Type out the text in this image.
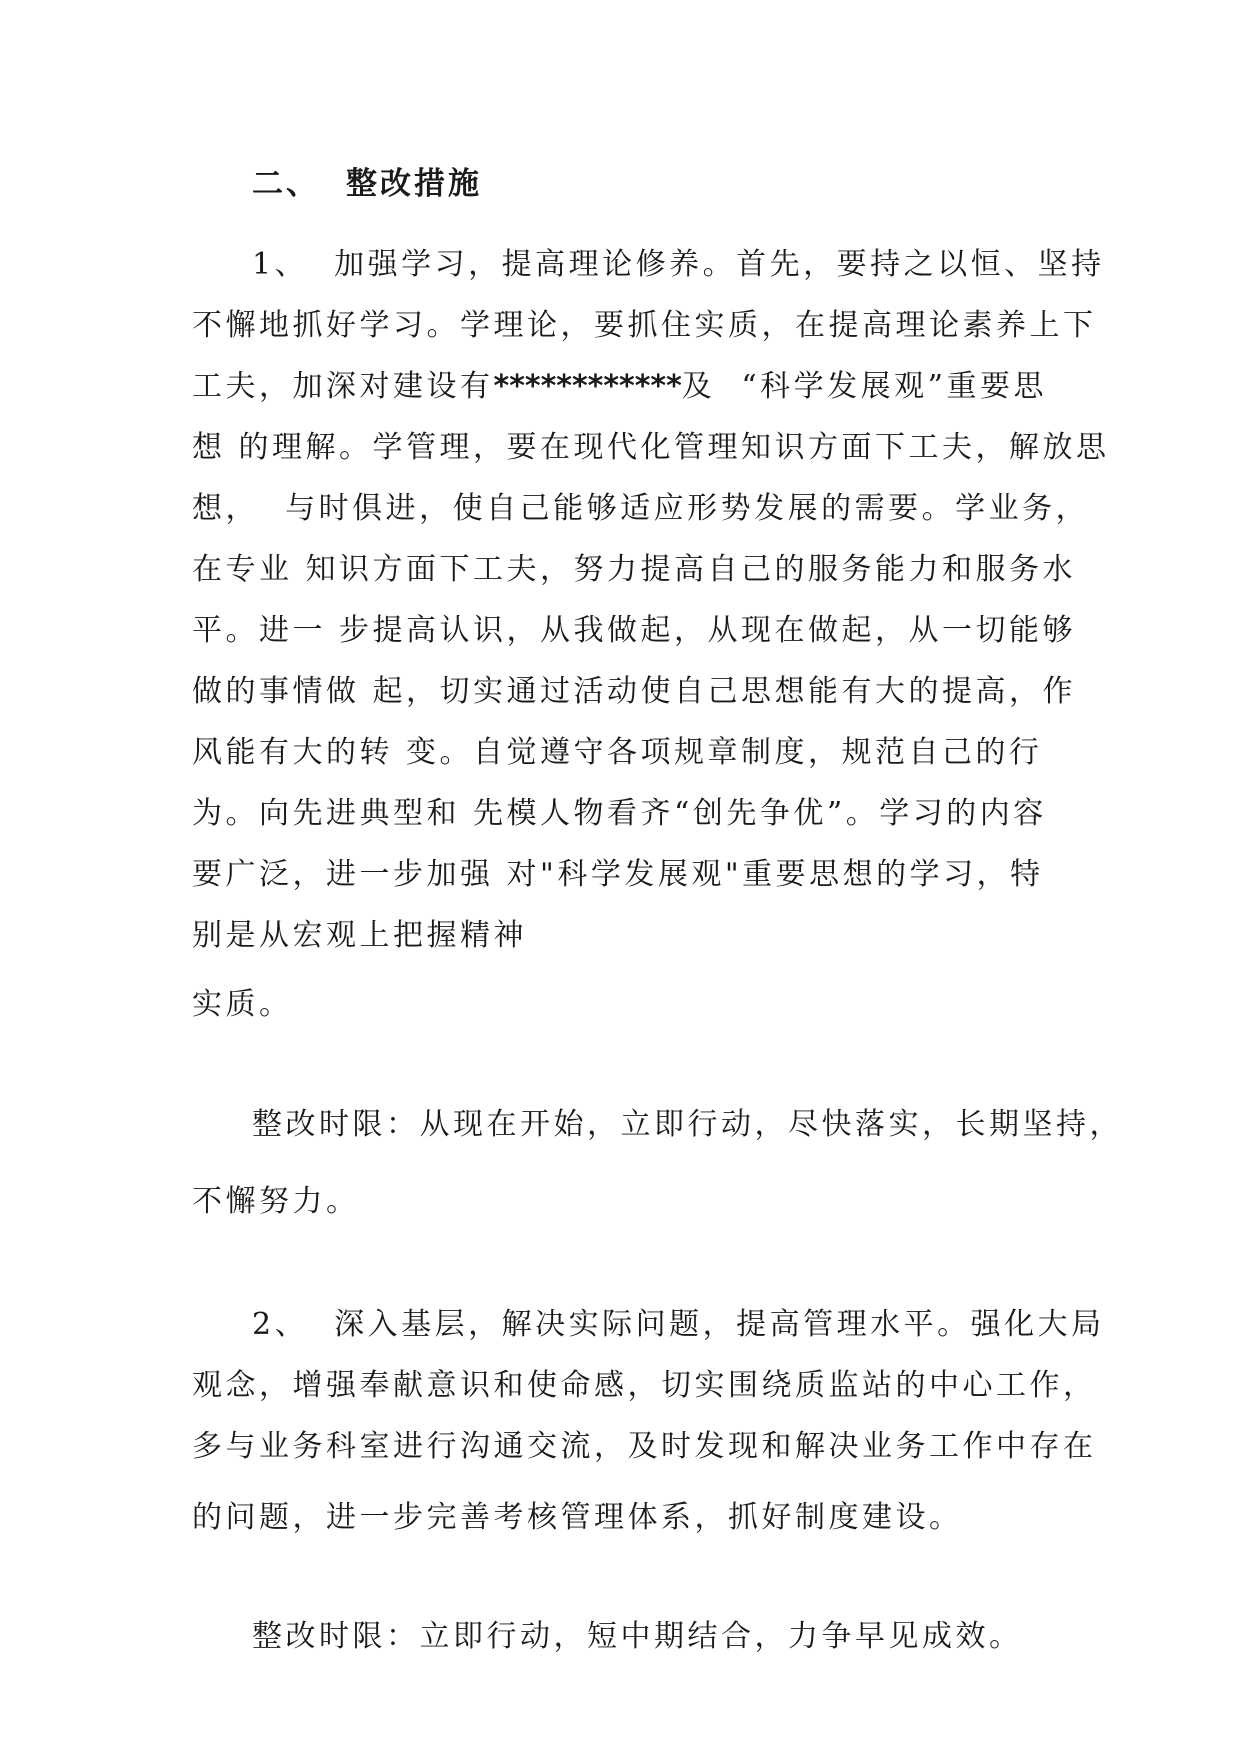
二、 整改措施
1、  加强学习，提高理论修养。首先，要持之以恒、坚持
不懈地抓好学习。学理论，要抓住实质，在提高理论素养上下
工夫，加深对建设有************及  “科学发展观”重要思
想 的理解。学管理，要在现代化管理知识方面下工夫，解放思
想，  与时俱进，使自己能够适应形势发展的需要。学业务，
在专业 知识方面下工夫，努力提高自己的服务能力和服务水
平。进一 步提高认识，从我做起，从现在做起，从一切能够
做的事情做 起，切实通过活动使自己思想能有大的提高，作
风能有大的转 变。自觉遵守各项规章制度，规范自己的行
为。向先进典型和 先模人物看齐“创先争优”。学习的内容
要广泛，进一步加强 对"科学发展观"重要思想的学习，特
别是从宏观上把握精神
实质。
整改时限：从现在开始，立即行动，尽快落实，长期坚持，
不懈努力。
2、  深入基层，解决实际问题，提高管理水平。强化大局
观念，增强奉献意识和使命感，切实围绕质监站的中心工作，
多与业务科室进行沟通交流，及时发现和解决业务工作中存在
的问题，进一步完善考核管理体系，抓好制度建设。
整改时限：立即行动，短中期结合，力争早见成效。
